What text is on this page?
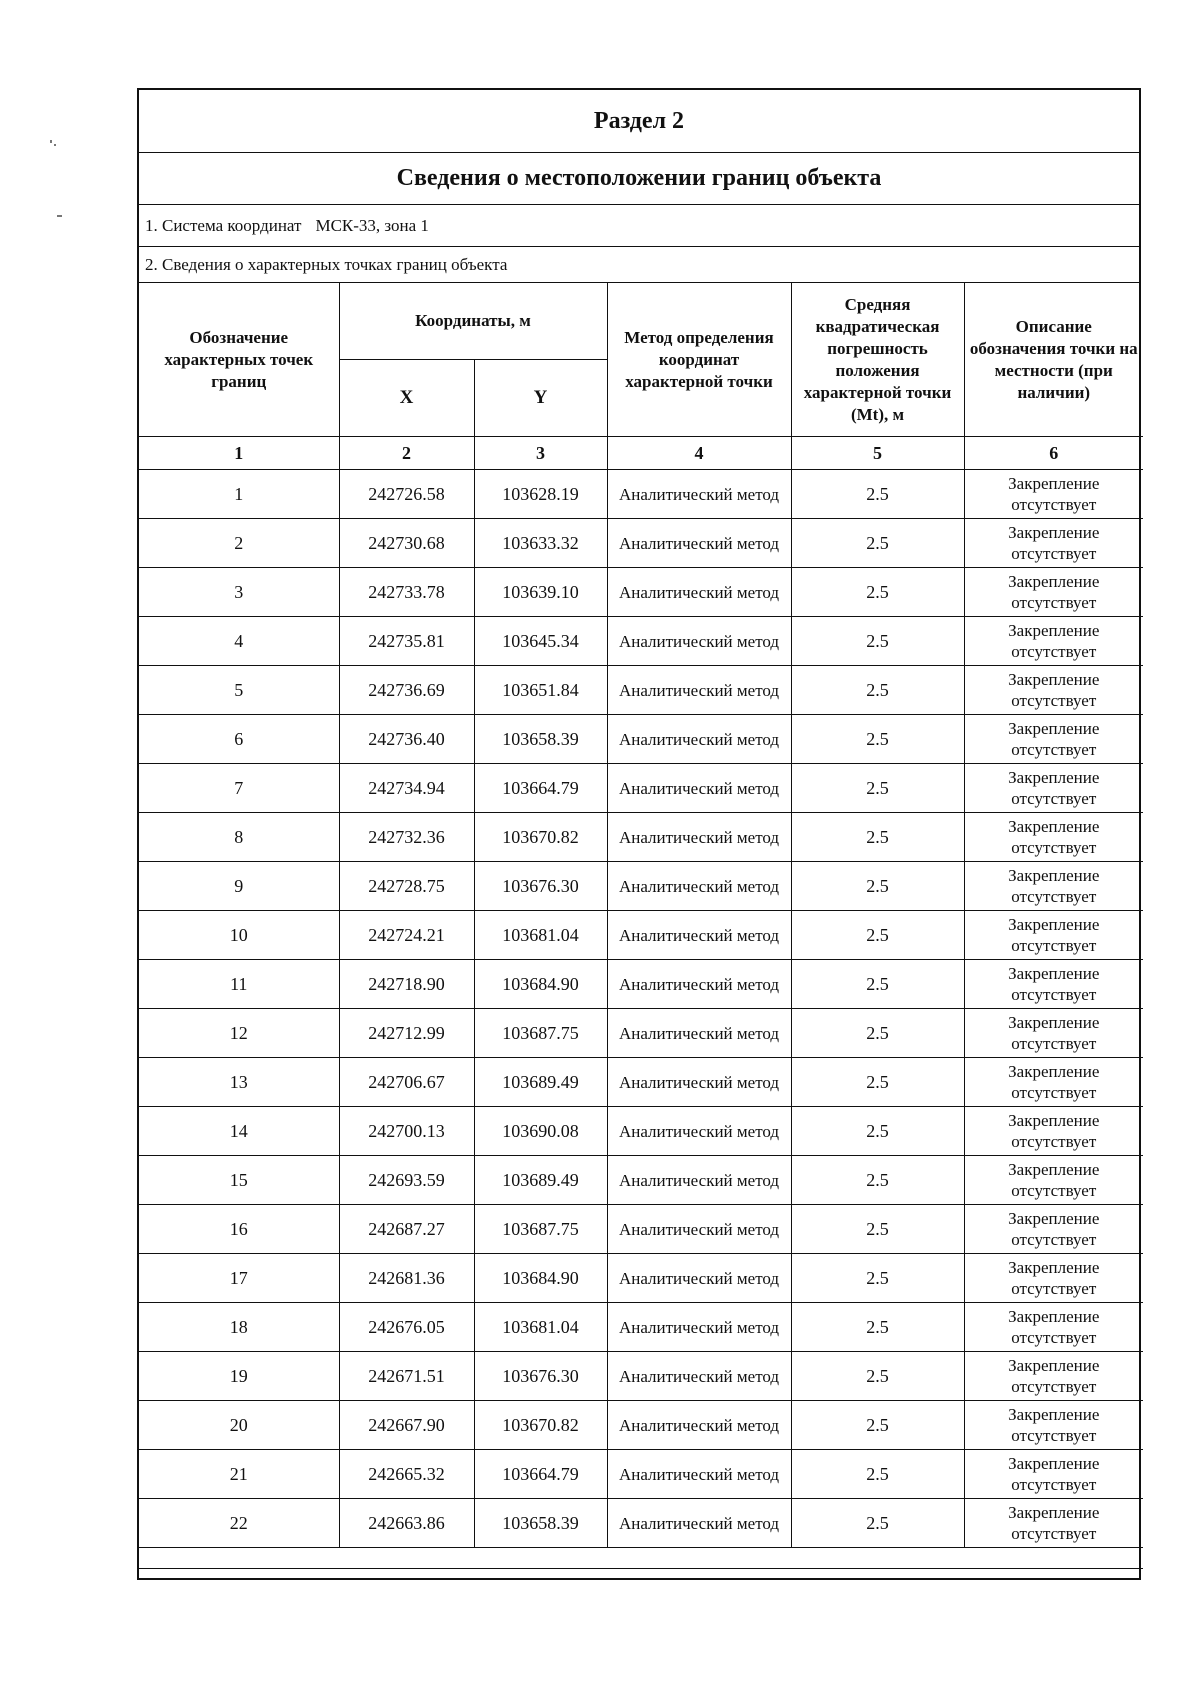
Раздел 2
Сведения о местоположении границ объекта
1. Система координат МСК-33, зона 1
2. Сведения о характерных точках границ объекта
Обозначение характерных точек границ	Координаты, м		Метод определения координат характерной точки	Средняя квадратическая погрешность положения характерной точки (Mt), м	Описание обозначения точки на местности (при наличии)
	X	Y			
1	2	3	4	5	6
1	242726.58	103628.19	Аналитический метод	2.5	Закрепление отсутствует
2	242730.68	103633.32	Аналитический метод	2.5	Закрепление отсутствует
3	242733.78	103639.10	Аналитический метод	2.5	Закрепление отсутствует
4	242735.81	103645.34	Аналитический метод	2.5	Закрепление отсутствует
5	242736.69	103651.84	Аналитический метод	2.5	Закрепление отсутствует
6	242736.40	103658.39	Аналитический метод	2.5	Закрепление отсутствует
7	242734.94	103664.79	Аналитический метод	2.5	Закрепление отсутствует
8	242732.36	103670.82	Аналитический метод	2.5	Закрепление отсутствует
9	242728.75	103676.30	Аналитический метод	2.5	Закрепление отсутствует
10	242724.21	103681.04	Аналитический метод	2.5	Закрепление отсутствует
11	242718.90	103684.90	Аналитический метод	2.5	Закрепление отсутствует
12	242712.99	103687.75	Аналитический метод	2.5	Закрепление отсутствует
13	242706.67	103689.49	Аналитический метод	2.5	Закрепление отсутствует
14	242700.13	103690.08	Аналитический метод	2.5	Закрепление отсутствует
15	242693.59	103689.49	Аналитический метод	2.5	Закрепление отсутствует
16	242687.27	103687.75	Аналитический метод	2.5	Закрепление отсутствует
17	242681.36	103684.90	Аналитический метод	2.5	Закрепление отсутствует
18	242676.05	103681.04	Аналитический метод	2.5	Закрепление отсутствует
19	242671.51	103676.30	Аналитический метод	2.5	Закрепление отсутствует
20	242667.90	103670.82	Аналитический метод	2.5	Закрепление отсутствует
21	242665.32	103664.79	Аналитический метод	2.5	Закрепление отсутствует
22	242663.86	103658.39	Аналитический метод	2.5	Закрепление отсутствует
